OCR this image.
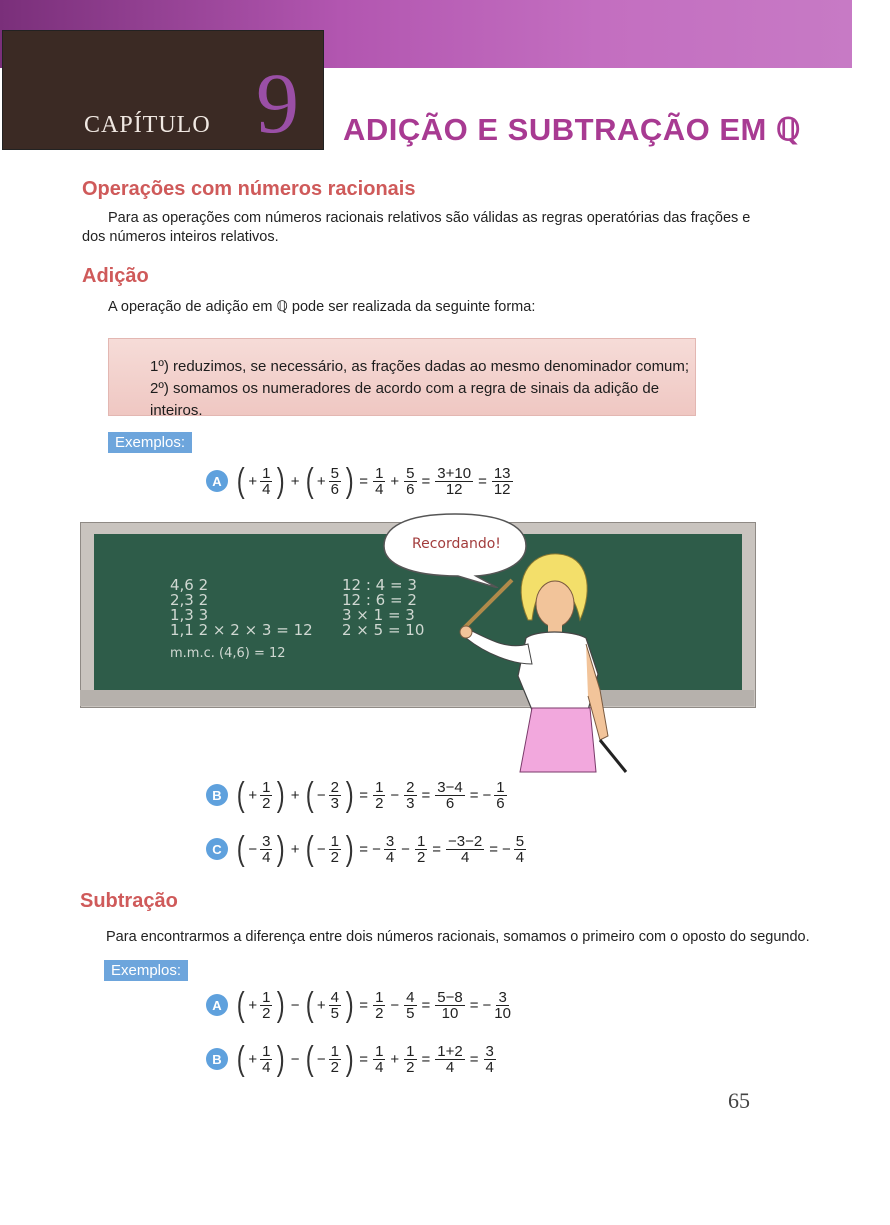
CAPÍTULO 9 ADIÇÃO E SUBTRAÇÃO EM ℚ
Operações com números racionais
Para as operações com números racionais relativos são válidas as regras operatórias das frações e dos números inteiros relativos.
Adição
A operação de adição em ℚ pode ser realizada da seguinte forma:
1º) reduzimos, se necessário, as frações dadas ao mesmo denominador comum;
2º) somamos os numeradores de acordo com a regra de sinais da adição de inteiros.
Exemplos:
A ( + $\frac{1}{4}$ ) + ( + $\frac{5}{6}$ ) = $\frac{1}{4} + \frac{5}{6} = \frac{3+10}{12} = \frac{13}{12}$
4,6 2
2,3 2
1,3 3
1,1 2 × 2 × 3 = 12
m.m.c. (4,6) = 12
12 : 4 = 3
12 : 6 = 2
3 × 1 = 3
2 × 5 = 10
Recordando!
B ( + $\frac{1}{2}$ ) + ( − $\frac{2}{3}$ ) = $\frac{1}{2} - \frac{2}{3} = \frac{3-4}{6}$ = − $\frac{1}{6}$
C ( − $\frac{3}{4}$ ) + ( − $\frac{1}{2}$ ) = − $\frac{3}{4} - \frac{1}{2} = \frac{-3-2}{4}$ = − $\frac{5}{4}$
Subtração
Para encontrarmos a diferença entre dois números racionais, somamos o primeiro com o oposto do segundo.
Exemplos:
A ( + $\frac{1}{2}$ ) − ( + $\frac{4}{5}$ ) = $\frac{1}{2} - \frac{4}{5} = \frac{5-8}{10}$ = − $\frac{3}{10}$
B ( + $\frac{1}{4}$ ) − ( − $\frac{1}{2}$ ) = $\frac{1}{4} + \frac{1}{2} = \frac{1+2}{4} = \frac{3}{4}$
65
